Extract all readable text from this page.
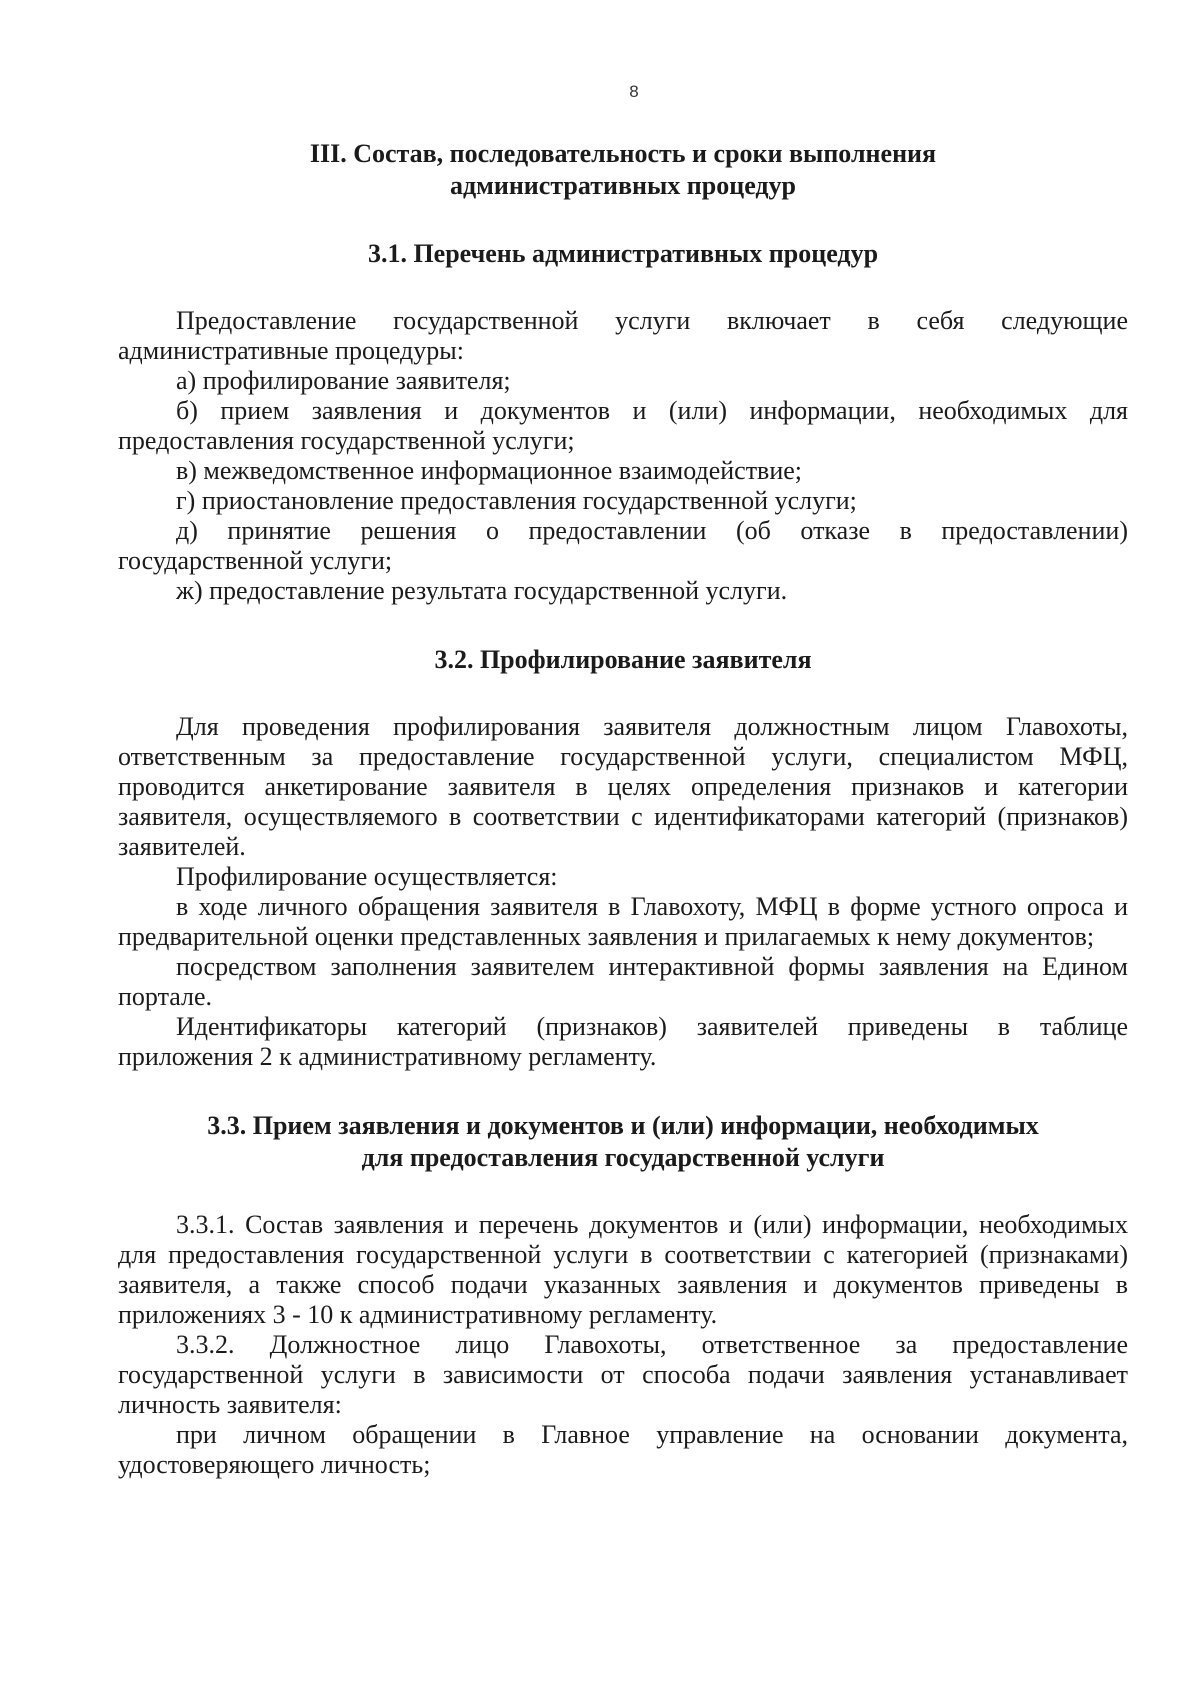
8
III. Состав, последовательность и сроки выполнения
административных процедур
3.1. Перечень административных процедур

Предоставление государственной услуги включает в себя следующие административные процедуры:

а) профилирование заявителя;

б) прием заявления и документов и (или) информации, необходимых для предоставления государственной услуги;

в) межведомственное информационное взаимодействие;

г) приостановление предоставления государственной услуги;

д) принятие решения о предоставлении (об отказе в предоставлении) государственной услуги;

ж) предоставление результата государственной услуги.

3.2. Профилирование заявителя

Для проведения профилирования заявителя должностным лицом Главохоты, ответственным за предоставление государственной услуги, специалистом МФЦ, проводится анкетирование заявителя в целях определения признаков и категории заявителя, осуществляемого в соответствии с идентификаторами категорий (признаков) заявителей.

Профилирование осуществляется:

в ходе личного обращения заявителя в Главохоту, МФЦ в форме устного опроса и предварительной оценки представленных заявления и прилагаемых к нему документов;

посредством заполнения заявителем интерактивной формы заявления на Едином портале.

Идентификаторы категорий (признаков) заявителей приведены в таблице приложения 2 к административному регламенту.

3.3. Прием заявления и документов и (или) информации, необходимых
для предоставления государственной услуги

3.3.1. Состав заявления и перечень документов и (или) информации, необходимых для предоставления государственной услуги в соответствии с категорией (признаками) заявителя, а также способ подачи указанных заявления и документов приведены в приложениях 3 - 10 к административному регламенту.

3.3.2. Должностное лицо Главохоты, ответственное за предоставление государственной услуги в зависимости от способа подачи заявления устанавливает личность заявителя:

при личном обращении в Главное управление на основании документа, удостоверяющего личность;
